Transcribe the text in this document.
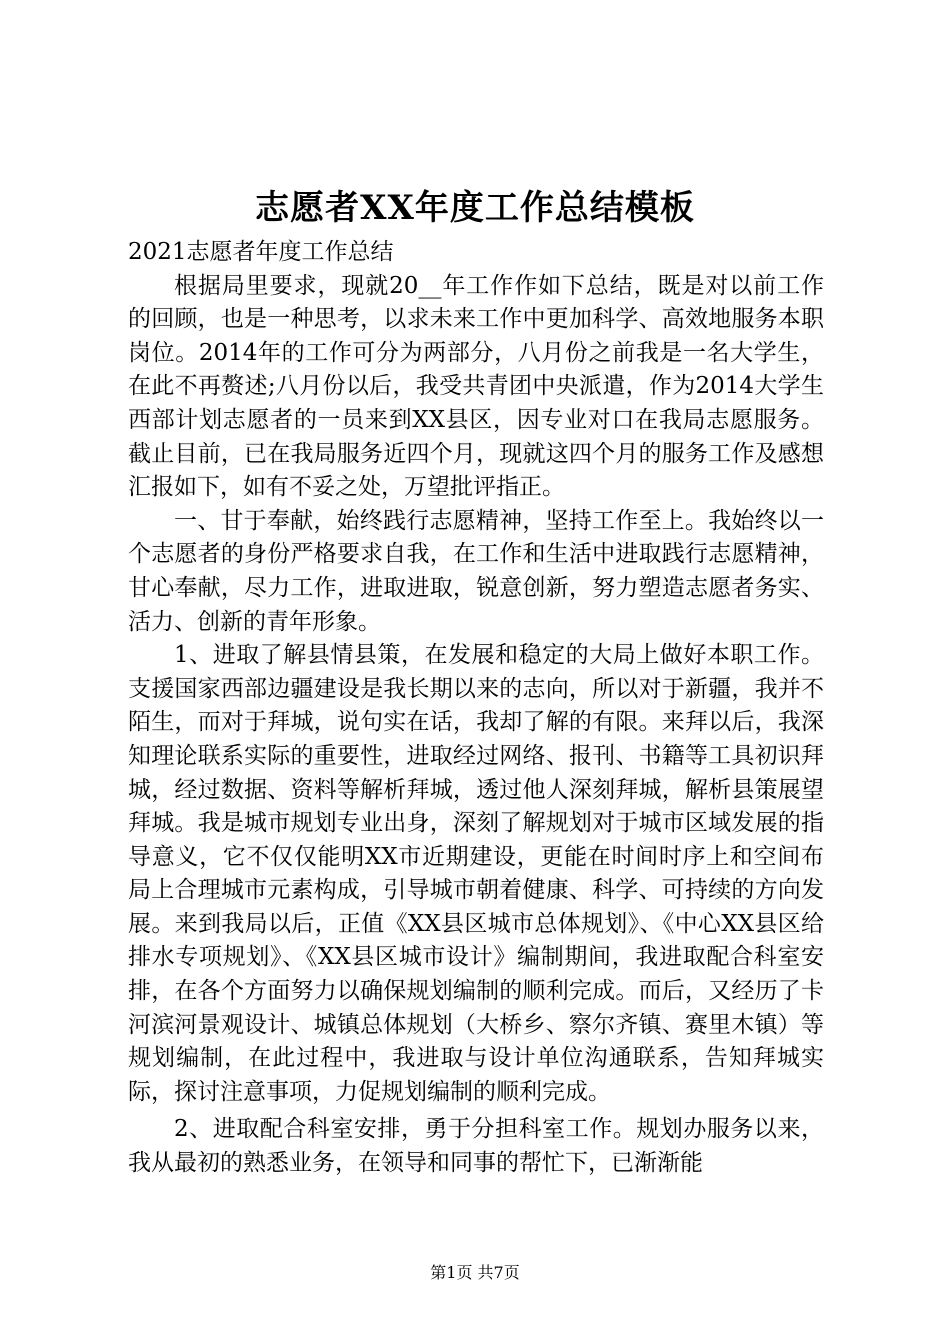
志愿者XX年度工作总结模板

2021志愿者年度工作总结

根据局里要求，现就20__年工作作如下总结，既是对以前工作的回顾，也是一种思考，以求未来工作中更加科学、高效地服务本职岗位。2014年的工作可分为两部分，八月份之前我是一名大学生，在此不再赘述;八月份以后，我受共青团中央派遣，作为2014大学生西部计划志愿者的一员来到XX县区，因专业对口在我局志愿服务。截止目前，已在我局服务近四个月，现就这四个月的服务工作及感想汇报如下，如有不妥之处，万望批评指正。

一、甘于奉献，始终践行志愿精神，坚持工作至上。我始终以一个志愿者的身份严格要求自我，在工作和生活中进取践行志愿精神，甘心奉献，尽力工作，进取进取，锐意创新，努力塑造志愿者务实、活力、创新的青年形象。

1、进取了解县情县策，在发展和稳定的大局上做好本职工作。支援国家西部边疆建设是我长期以来的志向，所以对于新疆，我并不陌生，而对于拜城，说句实在话，我却了解的有限。来拜以后，我深知理论联系实际的重要性，进取经过网络、报刊、书籍等工具初识拜城，经过数据、资料等解析拜城，透过他人深刻拜城，解析县策展望拜城。我是城市规划专业出身，深刻了解规划对于城市区域发展的指导意义，它不仅仅能明XX市近期建设，更能在时间时序上和空间布局上合理城市元素构成，引导城市朝着健康、科学、可持续的方向发展。来到我局以后，正值《XX县区城市总体规划》、《中心XX县区给排水专项规划》、《XX县区城市设计》编制期间，我进取配合科室安排，在各个方面努力以确保规划编制的顺利完成。而后，又经历了卡河滨河景观设计、城镇总体规划（大桥乡、察尔齐镇、赛里木镇）等规划编制，在此过程中，我进取与设计单位沟通联系，告知拜城实际，探讨注意事项，力促规划编制的顺利完成。

2、进取配合科室安排，勇于分担科室工作。规划办服务以来，我从最初的熟悉业务，在领导和同事的帮忙下，已渐渐能

第1页 共7页
